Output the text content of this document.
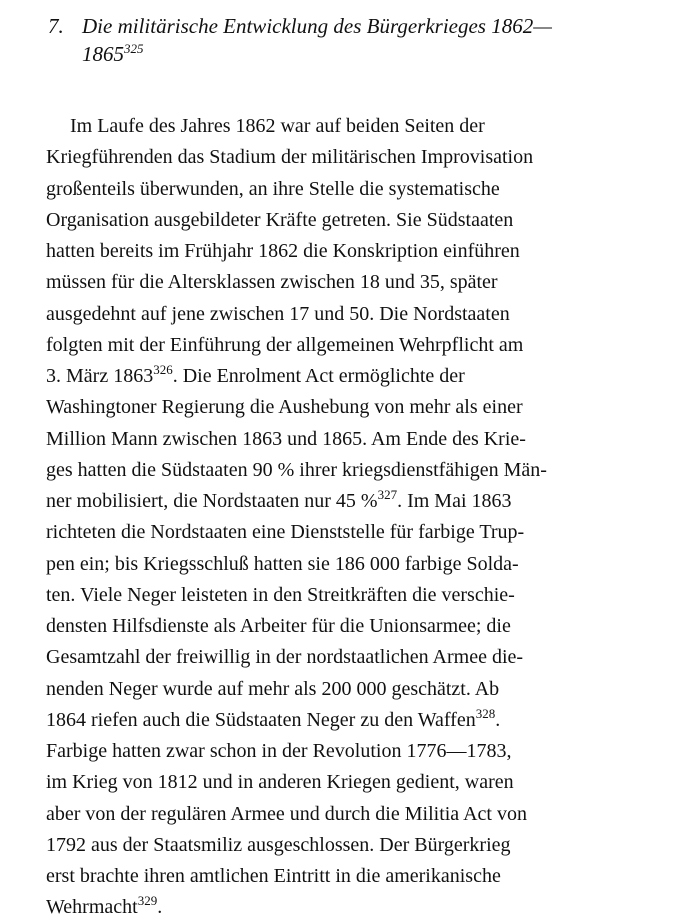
7. Die militärische Entwicklung des Bürgerkrieges 1862—
1865$^{325}$
Im Laufe des Jahres 1862 war auf beiden Seiten der
Kriegführenden das Stadium der militärischen Improvisation
großenteils überwunden, an ihre Stelle die systematische
Organisation ausgebildeter Kräfte getreten. Sie Südstaaten
hatten bereits im Frühjahr 1862 die Konskription einführen
müssen für die Altersklassen zwischen 18 und 35, später
ausgedehnt auf jene zwischen 17 und 50. Die Nordstaaten
folgten mit der Einführung der allgemeinen Wehrpflicht am
3. März 1863$^{326}$. Die Enrolment Act ermöglichte der
Washingtoner Regierung die Aushebung von mehr als einer
Million Mann zwischen 1863 und 1865. Am Ende des Krie-
ges hatten die Südstaaten 90 % ihrer kriegsdienstfähigen Män-
ner mobilisiert, die Nordstaaten nur 45 %$^{327}$. Im Mai 1863
richteten die Nordstaaten eine Dienststelle für farbige Trup-
pen ein; bis Kriegsschluß hatten sie 186 000 farbige Solda-
ten. Viele Neger leisteten in den Streitkräften die verschie-
densten Hilfsdienste als Arbeiter für die Unionsarmee; die
Gesamtzahl der freiwillig in der nordstaatlichen Armee die-
nenden Neger wurde auf mehr als 200 000 geschätzt. Ab
1864 riefen auch die Südstaaten Neger zu den Waffen$^{328}$.
Farbige hatten zwar schon in der Revolution 1776—1783,
im Krieg von 1812 und in anderen Kriegen gedient, waren
aber von der regulären Armee und durch die Militia Act von
1792 aus der Staatsmiliz ausgeschlossen. Der Bürgerkrieg
erst brachte ihren amtlichen Eintritt in die amerikanische
Wehrmacht$^{329}$.
